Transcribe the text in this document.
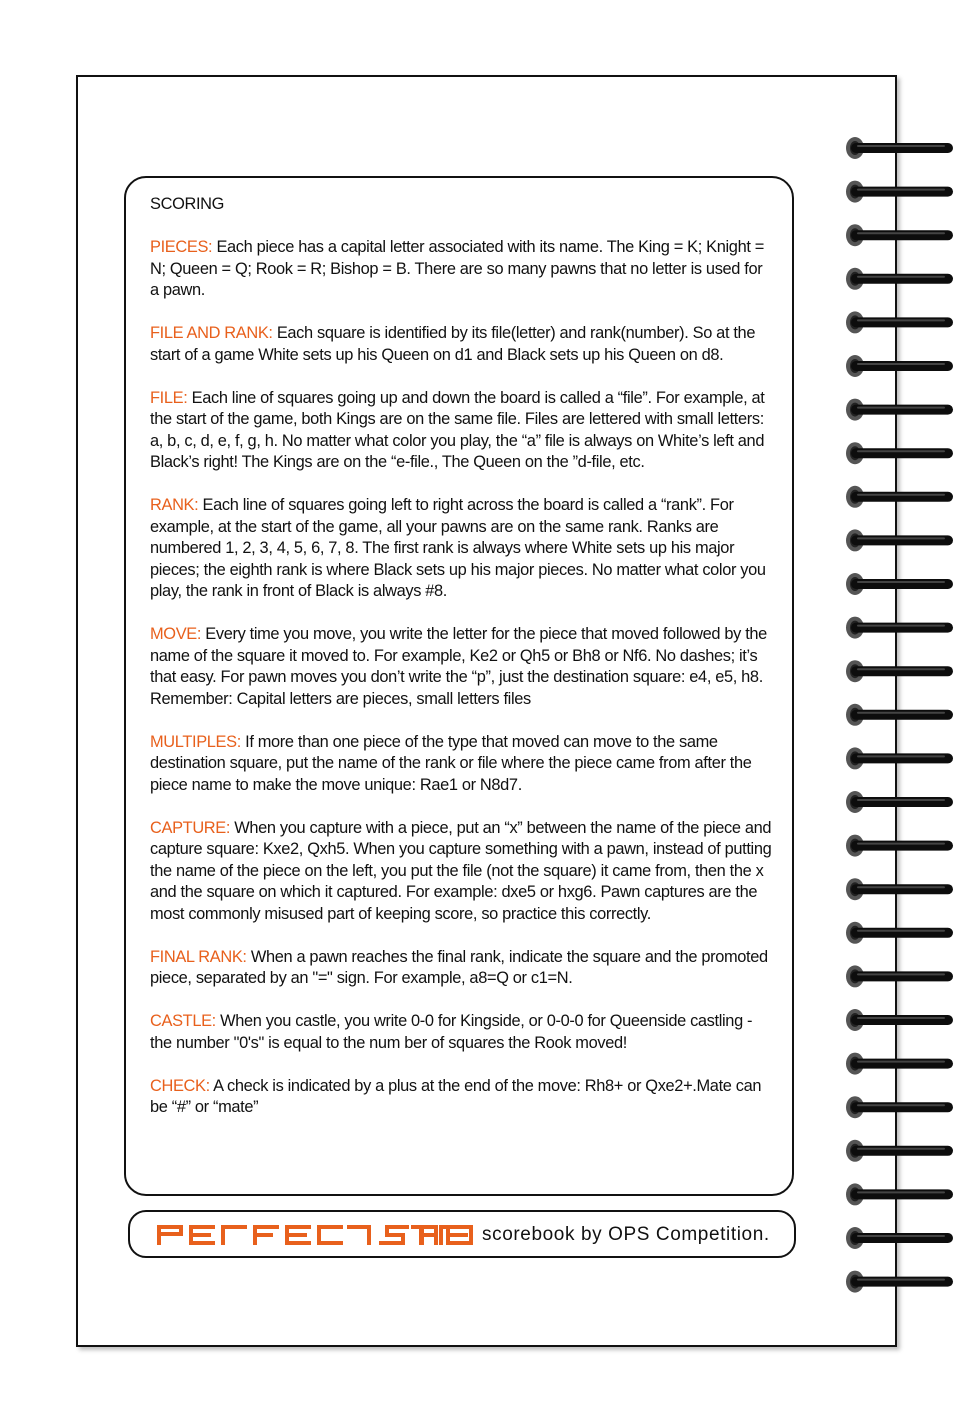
SCORING
PIECES: Each piece has a capital letter associated with its name. The King = K; Knight = N; Queen = Q; Rook = R; Bishop = B. There are so many pawns that no letter is used for a pawn.
FILE AND RANK: Each square is identified by its file(letter) and rank(number). So at the start of a game White sets up his Queen on d1 and Black sets up his Queen on d8.
FILE: Each line of squares going up and down the board is called a “file”. For example, at the start of the game, both Kings are on the same file. Files are lettered with small letters: a, b, c, d, e, f, g, h. No matter what color you play, the “a” file is always on White’s left and Black’s right! The Kings are on the “e-file., The Queen on the ”d-file, etc.
RANK: Each line of squares going left to right across the board is called a “rank”. For example, at the start of the game, all your pawns are on the same rank. Ranks are numbered 1, 2, 3, 4, 5, 6, 7, 8. The first rank is always where White sets up his major pieces; the eighth rank is where Black sets up his major pieces. No matter what color you play, the rank in front of Black is always #8.
MOVE: Every time you move, you write the letter for the piece that moved followed by the name of the square it moved to. For example, Ke2 or Qh5 or Bh8 or Nf6. No dashes; it’s that easy. For pawn moves you don’t write the “p”, just the destination square: e4, e5, h8. Remember: Capital letters are pieces, small letters files
MULTIPLES: If more than one piece of the type that moved can move to the same destination square, put the name of the rank or file where the piece came from after the piece name to make the move unique: Rae1 or N8d7.
CAPTURE: When you capture with a piece, put an “x” between the name of the piece and capture square: Kxe2, Qxh5. When you capture something with a pawn, instead of putting the name of the piece on the left, you put the file (not the square) it came from, then the x and the square on which it captured. For example: dxe5 or hxg6. Pawn captures are the most commonly misused part of keeping score, so practice this correctly.
FINAL RANK: When a pawn reaches the final rank, indicate the square and the promoted piece, separated by an "=" sign. For example, a8=Q or c1=N.
CASTLE: When you castle, you write 0-0 for Kingside, or 0-0-0 for Queenside castling - the number "0's" is equal to the num ber of squares the Rook moved!
CHECK: A check is indicated by a plus at the end of the move: Rh8+ or Qxe2+.Mate can be “#” or “mate”
scorebook by OPS Competition.
